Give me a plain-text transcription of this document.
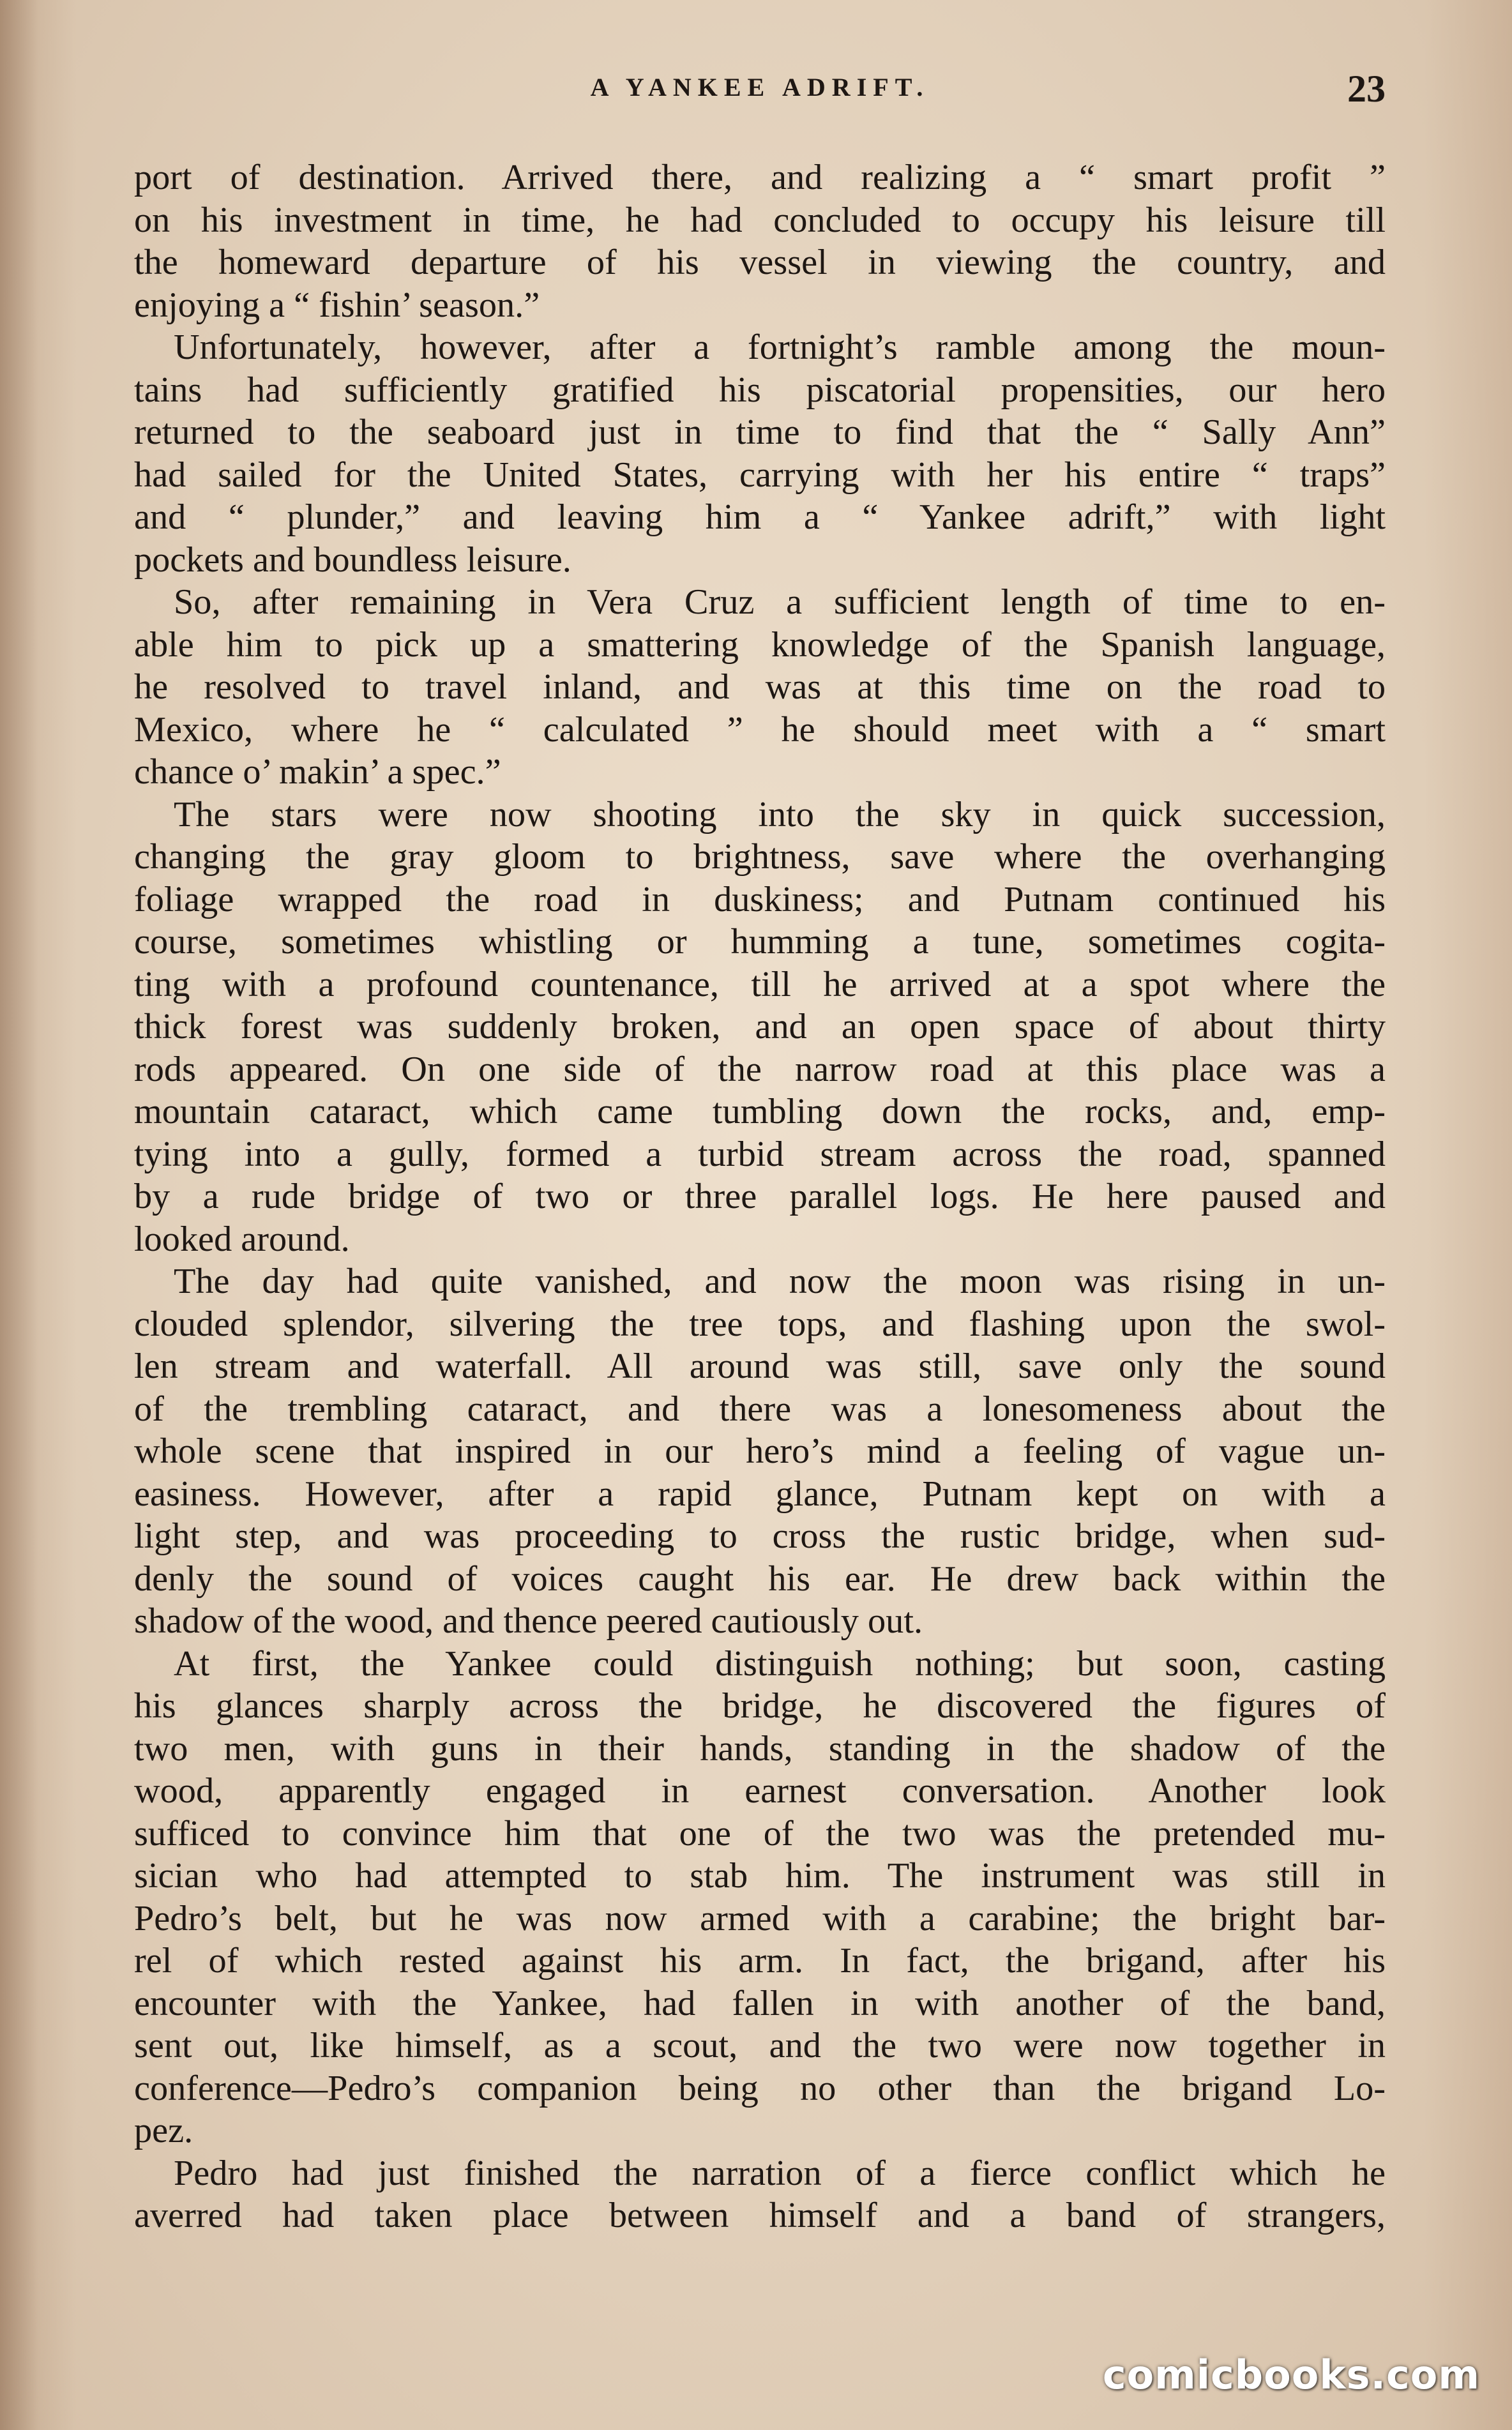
A YANKEE ADRIFT.	23
port of destination. Arrived there, and realizing a “ smart profit ”
on his investment in time, he had concluded to occupy his leisure till
the homeward departure of his vessel in viewing the country, and
enjoying a “ fishin’ season.”
Unfortunately, however, after a fortnight’s ramble among the moun-
tains had sufficiently gratified his piscatorial propensities, our hero
returned to the seaboard just in time to find that the “ Sally Ann”
had sailed for the United States, carrying with her his entire “ traps”
and “ plunder,” and leaving him a “ Yankee adrift,” with light
pockets and boundless leisure.
So, after remaining in Vera Cruz a sufficient length of time to en-
able him to pick up a smattering knowledge of the Spanish language,
he resolved to travel inland, and was at this time on the road to
Mexico, where he “ calculated ” he should meet with a “ smart
chance o’ makin’ a spec.”
The stars were now shooting into the sky in quick succession,
changing the gray gloom to brightness, save where the overhanging
foliage wrapped the road in duskiness; and Putnam continued his
course, sometimes whistling or humming a tune, sometimes cogita-
ting with a profound countenance, till he arrived at a spot where the
thick forest was suddenly broken, and an open space of about thirty
rods appeared. On one side of the narrow road at this place was a
mountain cataract, which came tumbling down the rocks, and, emp-
tying into a gully, formed a turbid stream across the road, spanned
by a rude bridge of two or three parallel logs. He here paused and
looked around.
The day had quite vanished, and now the moon was rising in un-
clouded splendor, silvering the tree tops, and flashing upon the swol-
len stream and waterfall. All around was still, save only the sound
of the trembling cataract, and there was a lonesomeness about the
whole scene that inspired in our hero’s mind a feeling of vague un-
easiness. However, after a rapid glance, Putnam kept on with a
light step, and was proceeding to cross the rustic bridge, when sud-
denly the sound of voices caught his ear. He drew back within the
shadow of the wood, and thence peered cautiously out.
At first, the Yankee could distinguish nothing; but soon, casting
his glances sharply across the bridge, he discovered the figures of
two men, with guns in their hands, standing in the shadow of the
wood, apparently engaged in earnest conversation. Another look
sufficed to convince him that one of the two was the pretended mu-
sician who had attempted to stab him. The instrument was still in
Pedro’s belt, but he was now armed with a carabine; the bright bar-
rel of which rested against his arm. In fact, the brigand, after his
encounter with the Yankee, had fallen in with another of the band,
sent out, like himself, as a scout, and the two were now together in
conference—Pedro’s companion being no other than the brigand Lo-
pez.
Pedro had just finished the narration of a fierce conflict which he
averred had taken place between himself and a band of strangers,
comicbooks.com
